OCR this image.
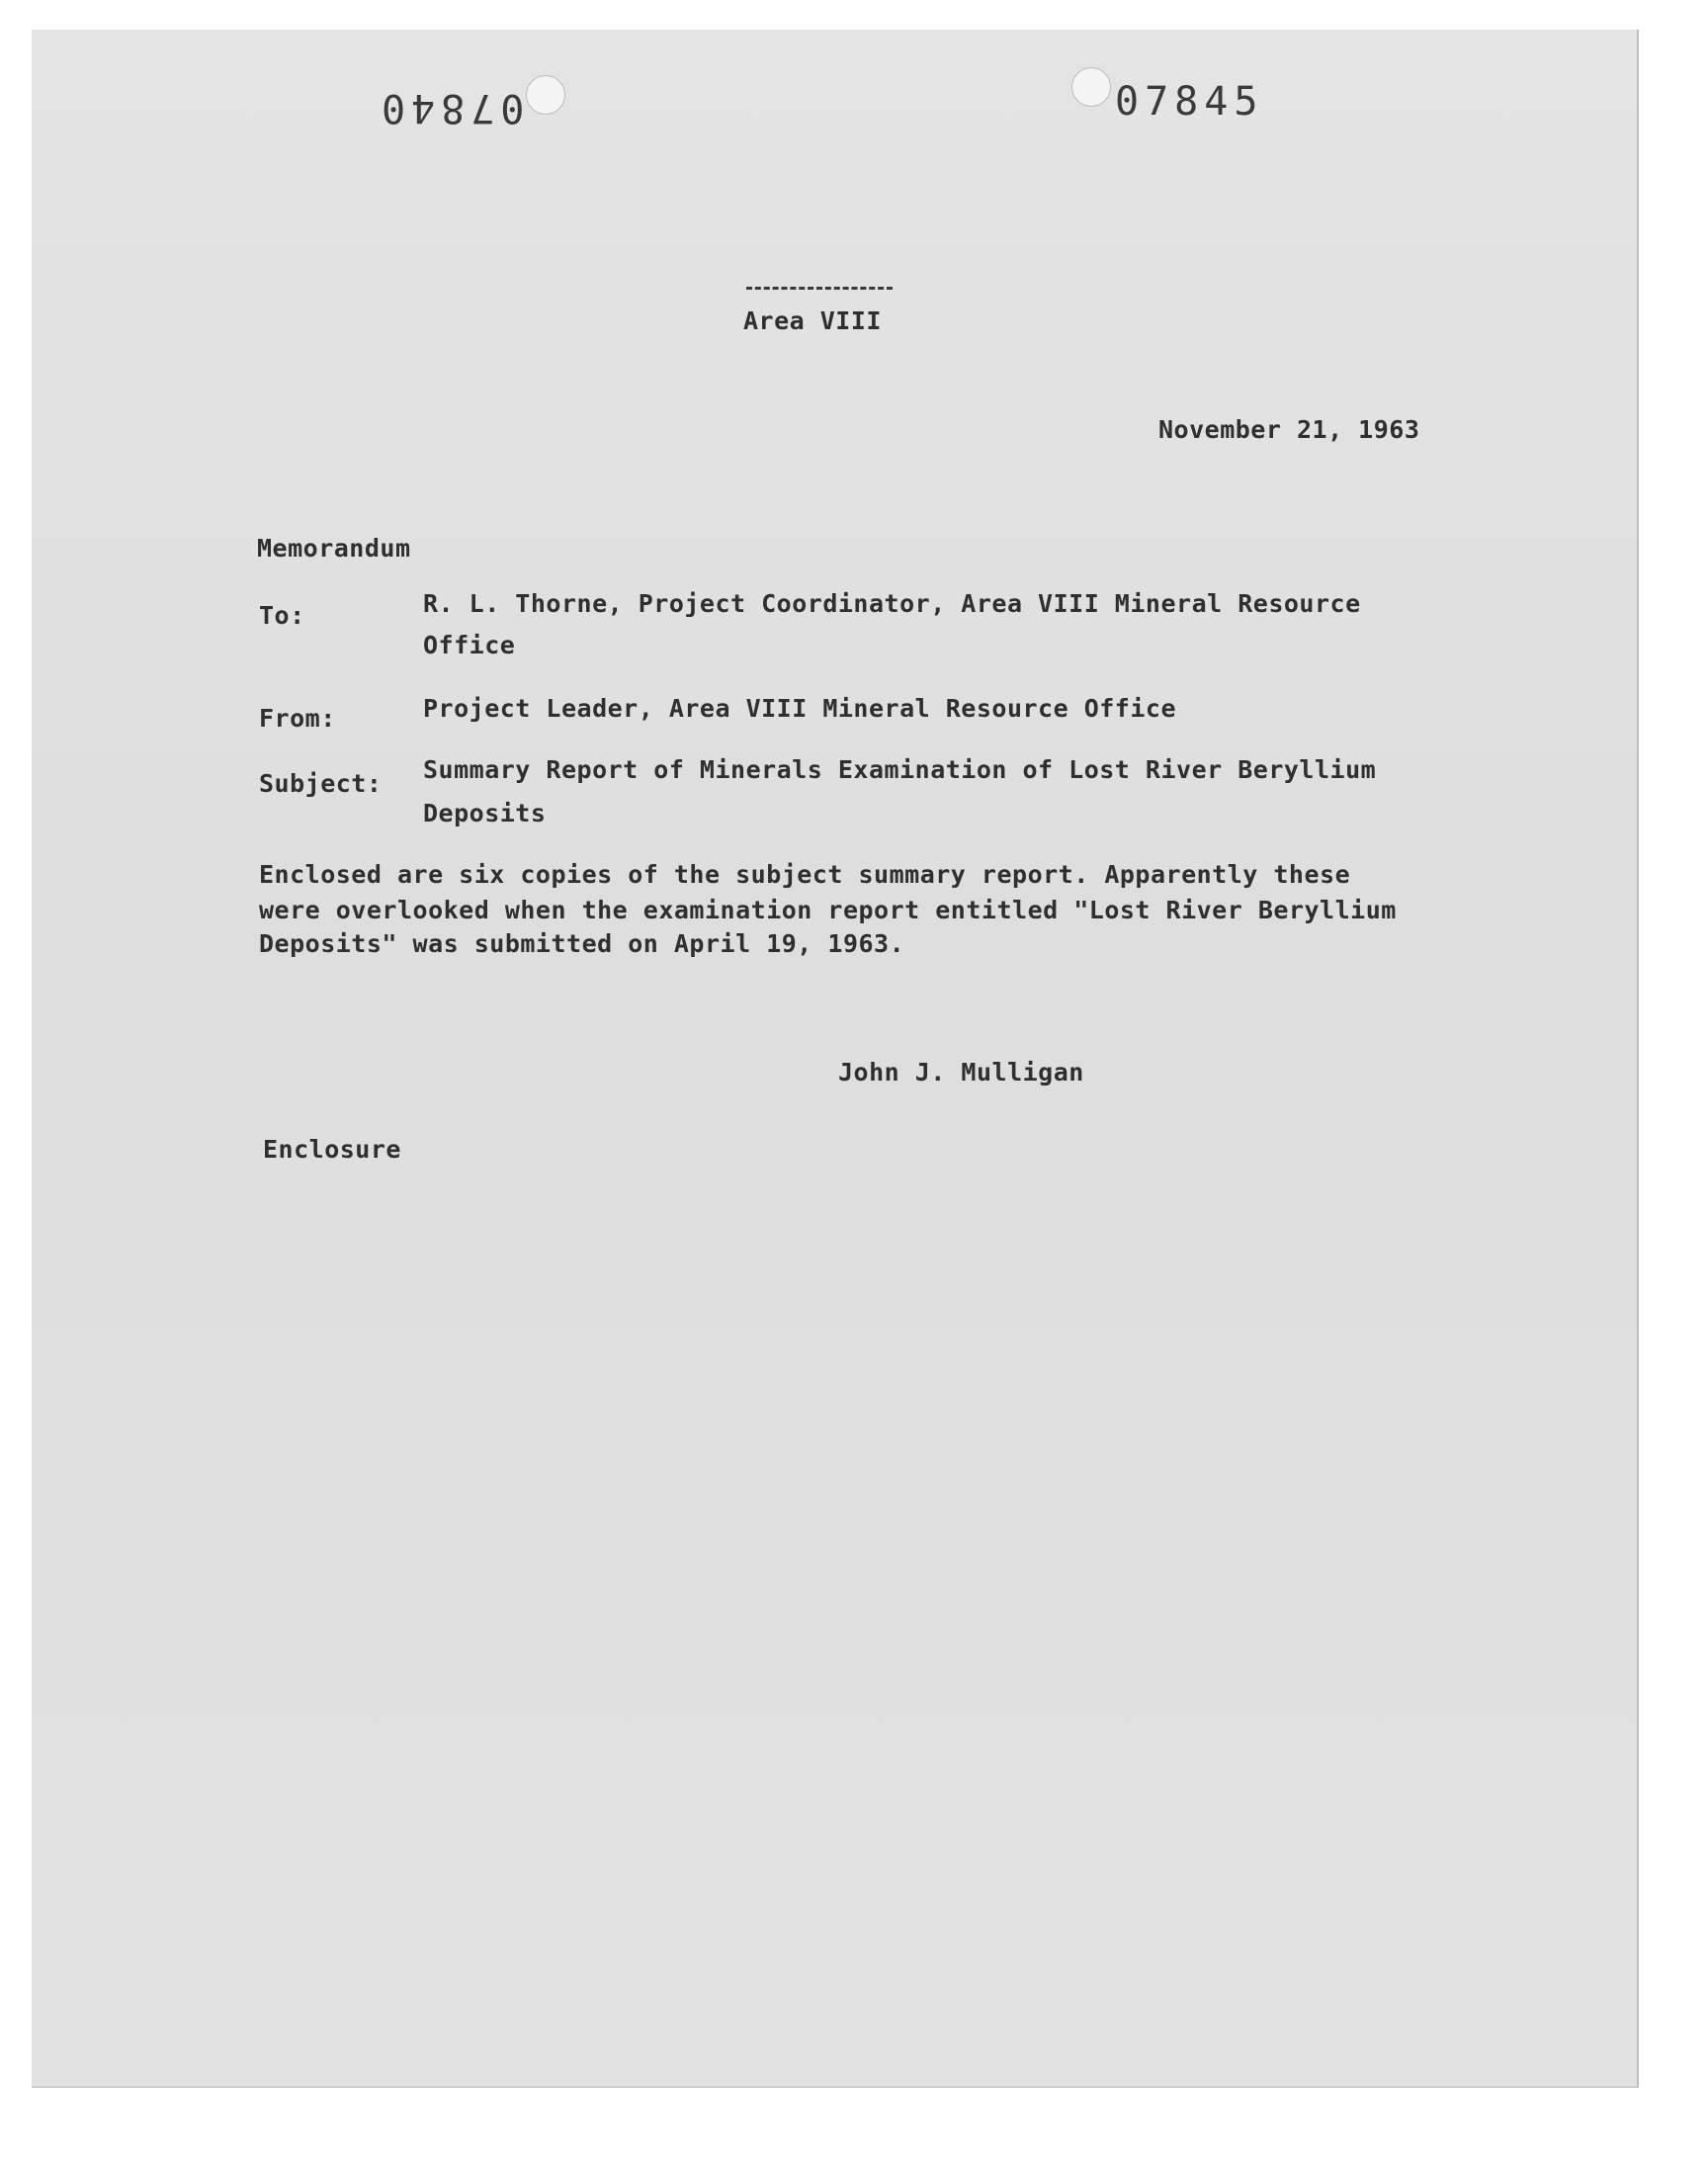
07840	07845
Area VIII
November 21, 1963
Memorandum
To:	R. L. Thorne, Project Coordinator, Area VIII Mineral Resource
Office
From:	Project Leader, Area VIII Mineral Resource Office
Subject: Summary Report of Minerals Examination of Lost River Beryllium
Deposits
Enclosed are six copies of the subject summary report. Apparently these
were overlooked when the examination report entitled "Lost River Beryllium
Deposits" was submitted on April 19, 1963.
John J. Mulligan
Enclosure
